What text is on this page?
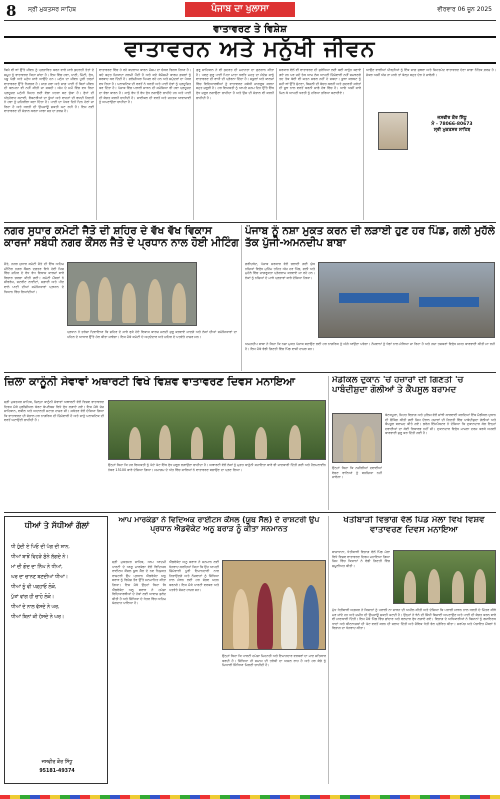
8 ਸ੍ਰੀ ਮੁਕਤਸਰ ਸਾਹਿਬ	ਪੰਜਾਬ ਦਾ ਖੁਲਾਸਾ	ਵੀਰਵਾਰ 06 ਜੂਨ 2025
ਵਾਤਾਵਰਣ ਤੇ ਵਿਸ਼ੇਸ਼
ਵਾਤਾਵਰਨ ਅਤੇ ਮਨੁੱਖੀ ਜੀਵਨ
ਕਿਸੇ ਵੀ ਥਾਂ ਉੱਤੇ ਜੀਵਨ ਨੂੰ ਪ੍ਰਭਾਵਿਤ ਕਰਨ ਵਾਲੇ ਸਾਰੇ ਕੁਦਰਤੀ ਤੱਤਾਂ ਦੇ ਸਮੂਹ ਨੂੰ ਵਾਤਾਵਰਣ ਕਿਹਾ ਜਾਂਦਾ ਹੈ। ਇਸ ਵਿੱਚ ਹਵਾ, ਪਾਣੀ, ਮਿੱਟੀ, ਰੁੱਖ, ਪਸ਼ੂ ਪੰਛੀ ਅਤੇ ਮਨੁੱਖ ਸਾਰੇ ਆਉਂਦੇ ਹਨ। ਮਨੁੱਖ ਦਾ ਜੀਵਨ ਪੂਰੀ ਤਰ੍ਹਾਂ ਵਾਤਾਵਰਣ ਉੱਤੇ ਨਿਰਭਰ ਹੈ। ਸਾਫ਼ ਹਵਾ ਅਤੇ ਸਾਫ਼ ਪਾਣੀ ਤੋਂ ਬਿਨਾਂ ਜੀਵਨ ਦੀ ਕਲਪਨਾ ਵੀ ਨਹੀਂ ਕੀਤੀ ਜਾ ਸਕਦੀ। ਅੱਜ ਦੇ ਸਮੇਂ ਵਿੱਚ ਵਧ ਰਿਹਾ ਪ੍ਰਦੂਸ਼ਣ ਮਨੁੱਖੀ ਸਿਹਤ ਲਈ ਵੱਡਾ ਖ਼ਤਰਾ ਬਣ ਚੁੱਕਾ ਹੈ। ਰੁੱਖਾਂ ਦੀ ਅੰਨ੍ਹੇਵਾਹ ਕਟਾਈ, ਫੈਕਟਰੀਆਂ ਦਾ ਧੂੰਆਂ ਅਤੇ ਵਾਹਨਾਂ ਦੀ ਵਧਦੀ ਗਿਣਤੀ ਨੇ ਹਵਾ ਨੂੰ ਜ਼ਹਿਰੀਲਾ ਬਣਾ ਦਿੱਤਾ ਹੈ। ਪਾਣੀ ਦਾ ਪੱਧਰ ਦਿਨੋਂ ਦਿਨ ਹੇਠਾਂ ਜਾ ਰਿਹਾ ਹੈ ਅਤੇ ਧਰਤੀ ਦੀ ਉਪਜਾਊ ਸ਼ਕਤੀ ਘਟ ਰਹੀ ਹੈ। ਇਸ ਲਈ ਵਾਤਾਵਰਣ ਦੀ ਸੰਭਾਲ ਕਰਨਾ ਸਾਡਾ ਸਭ ਦਾ ਫ਼ਰਜ਼ ਹੈ।
ਵਾਤਾਵਰਣ ਵਿੱਚ ਹੋ ਰਹੇ ਬਦਲਾਅ ਕਾਰਨ ਮੌਸਮ ਦਾ ਚੱਕਰ ਵਿਗੜ ਗਿਆ ਹੈ। ਕਦੇ ਬਹੁਤ ਜ਼ਿਆਦਾ ਗਰਮੀ ਪੈਂਦੀ ਹੈ ਅਤੇ ਕਦੇ ਬੇਮੌਸਮੀ ਬਾਰਸ਼ ਫ਼ਸਲਾਂ ਨੂੰ ਬਰਬਾਦ ਕਰ ਦਿੰਦੀ ਹੈ। ਗਲੇਸ਼ੀਅਰ ਪਿਘਲ ਰਹੇ ਹਨ ਅਤੇ ਸਮੁੰਦਰਾਂ ਦਾ ਪੱਧਰ ਵਧ ਰਿਹਾ ਹੈ। ਪਲਾਸਟਿਕ ਦੀ ਵਰਤੋਂ ਨੇ ਧਰਤੀ ਅਤੇ ਪਾਣੀ ਦੋਵਾਂ ਨੂੰ ਪ੍ਰਦੂਸ਼ਿਤ ਕਰ ਦਿੱਤਾ ਹੈ। ਪੰਜਾਬ ਵਿੱਚ ਪਰਾਲੀ ਸਾੜਨ ਦੀ ਸਮੱਸਿਆ ਵੀ ਹਵਾ ਪ੍ਰਦੂਸ਼ਣ ਦਾ ਵੱਡਾ ਕਾਰਨ ਹੈ। ਸਾਨੂੰ ਵੱਧ ਤੋਂ ਵੱਧ ਰੁੱਖ ਲਗਾਉਣੇ ਚਾਹੀਦੇ ਹਨ ਅਤੇ ਪਾਣੀ ਦੀ ਬੱਚਤ ਕਰਨੀ ਚਾਹੀਦੀ ਹੈ। ਸਾਈਕਲ ਦੀ ਵਰਤੋਂ ਅਤੇ ਜਨਤਕ ਆਵਾਜਾਈ ਨੂੰ ਅਪਣਾਉਣਾ ਚਾਹੀਦਾ ਹੈ।
ਗੁਰੂ ਸਾਹਿਬਾਨ ਨੇ ਵੀ ਕੁਦਰਤ ਦੀ ਮਹਾਨਤਾ ਦਾ ਗੁਣਗਾਨ ਕੀਤਾ ਹੈ। ਪਵਣੁ ਗੁਰੂ ਪਾਣੀ ਪਿਤਾ ਮਾਤਾ ਧਰਤਿ ਮਹਤੁ ਦਾ ਸੰਦੇਸ਼ ਸਾਨੂੰ ਵਾਤਾਵਰਣ ਦੀ ਰਾਖੀ ਦੀ ਪ੍ਰੇਰਨਾ ਦਿੰਦਾ ਹੈ। ਸਕੂਲਾਂ ਅਤੇ ਕਾਲਜਾਂ ਵਿੱਚ ਵਿਦਿਆਰਥੀਆਂ ਨੂੰ ਵਾਤਾਵਰਣ ਸਬੰਧੀ ਜਾਗਰੂਕ ਕਰਨਾ ਬਹੁਤ ਜ਼ਰੂਰੀ ਹੈ। ਹਰ ਵਿਅਕਤੀ ਨੂੰ ਆਪਣੇ ਜਨਮ ਦਿਨ ਉੱਤੇ ਇੱਕ ਰੁੱਖ ਜ਼ਰੂਰ ਲਗਾਉਣਾ ਚਾਹੀਦਾ ਹੈ ਅਤੇ ਉਸ ਦੀ ਸੰਭਾਲ ਵੀ ਕਰਨੀ ਚਾਹੀਦੀ ਹੈ।
ਸਰਕਾਰ ਵੱਲੋਂ ਵੀ ਵਾਤਾਵਰਣ ਦੀ ਸੁਰੱਖਿਆ ਲਈ ਕਈ ਕਾਨੂੰਨ ਬਣਾਏ ਗਏ ਹਨ ਪਰ ਜਦੋਂ ਤੱਕ ਆਮ ਲੋਕ ਆਪਣੀ ਜ਼ਿੰਮੇਵਾਰੀ ਨਹੀਂ ਸਮਝਣਗੇ ਤਦ ਤੱਕ ਕੋਈ ਵੀ ਯਤਨ ਸਫਲ ਨਹੀਂ ਹੋ ਸਕਦਾ। ਕੂੜਾ ਕਰਕਟ ਨੂੰ ਸਹੀ ਥਾਂ ਉੱਤੇ ਸੁੱਟਣਾ, ਬਿਜਲੀ ਦੀ ਬੱਚਤ ਕਰਨੀ ਅਤੇ ਕੁਦਰਤੀ ਸਰੋਤਾਂ ਦੀ ਸੂਝ ਨਾਲ ਵਰਤੋਂ ਕਰਨੀ ਸਾਡੇ ਹੱਥ ਵਿੱਚ ਹੈ। ਆਓ ਅਸੀਂ ਸਾਰੇ ਮਿਲ ਕੇ ਆਪਣੀ ਧਰਤੀ ਨੂੰ ਹਰਿਆ ਭਰਿਆ ਬਣਾਈਏ।
ਆਉਣ ਵਾਲੀਆਂ ਪੀੜ੍ਹੀਆਂ ਨੂੰ ਇੱਕ ਸਾਫ਼ ਸੁਥਰਾ ਅਤੇ ਸਿਹਤਮੰਦ ਵਾਤਾਵਰਣ ਦੇਣਾ ਸਾਡਾ ਨੈਤਿਕ ਫ਼ਰਜ਼ ਹੈ। ਜੇਕਰ ਅਸੀਂ ਅੱਜ ਨਾ ਜਾਗੇ ਤਾਂ ਕੱਲ੍ਹ ਬਹੁਤ ਦੇਰ ਹੋ ਜਾਵੇਗੀ।
ਜਸਵੀਰ ਕੌਰ ਸਿੱਧੂ
ਮੋ - 78066-80673
ਸ੍ਰੀ ਮੁਕਤਸਰ ਸਾਹਿਬ
ਨਗਰ ਸੁਧਾਰ ਕਮੇਟੀ ਜੈਤੋ ਦੀ ਸ਼ਹਿਰ ਦੇ ਵੱਖ ਵੱਖ ਵਿਕਾਸ ਕਾਰਜਾਂ ਸਬੰਧੀ ਨਗਰ ਕੌਂਸਲ ਜੈਤੋ ਦੇ ਪ੍ਰਧਾਨ ਨਾਲ ਹੋਈ ਮੀਟਿੰਗ
ਜੈਤੋ, ਨਗਰ ਸੁਧਾਰ ਕਮੇਟੀ ਜੈਤੋ ਦੀ ਇੱਕ ਅਹਿਮ ਮੀਟਿੰਗ ਨਗਰ ਕੌਂਸਲ ਦਫ਼ਤਰ ਵਿਖੇ ਹੋਈ ਜਿਸ ਵਿੱਚ ਸ਼ਹਿਰ ਦੇ ਵੱਖ ਵੱਖ ਵਿਕਾਸ ਕਾਰਜਾਂ ਬਾਰੇ ਵਿਚਾਰ ਚਰਚਾ ਕੀਤੀ ਗਈ। ਕਮੇਟੀ ਮੈਂਬਰਾਂ ਨੇ ਸੀਵਰੇਜ, ਸਟਰੀਟ ਲਾਈਟਾਂ, ਸਫ਼ਾਈ ਅਤੇ ਪੀਣ ਵਾਲੇ ਪਾਣੀ ਦੀਆਂ ਸਮੱਸਿਆਵਾਂ ਪ੍ਰਧਾਨ ਦੇ ਧਿਆਨ ਵਿੱਚ ਲਿਆਂਦੀਆਂ।
ਪ੍ਰਧਾਨ ਨੇ ਭਰੋਸਾ ਦਿਵਾਇਆ ਕਿ ਸ਼ਹਿਰ ਦੇ ਸਾਰੇ ਰੁਕੇ ਹੋਏ ਵਿਕਾਸ ਕਾਰਜ ਜਲਦੀ ਸ਼ੁਰੂ ਕਰਵਾਏ ਜਾਣਗੇ ਅਤੇ ਲੋਕਾਂ ਦੀਆਂ ਸਮੱਸਿਆਵਾਂ ਦਾ ਪਹਿਲ ਦੇ ਆਧਾਰ ਉੱਤੇ ਹੱਲ ਕੀਤਾ ਜਾਵੇਗਾ। ਇਸ ਮੌਕੇ ਕਮੇਟੀ ਦੇ ਅਹੁਦੇਦਾਰ ਅਤੇ ਸ਼ਹਿਰ ਦੇ ਪਤਵੰਤੇ ਹਾਜ਼ਰ ਸਨ।
ਪੰਜਾਬ ਨੂੰ ਨਸ਼ਾ ਮੁਕਤ ਕਰਨ ਦੀ ਲੜਾਈ ਹੁਣ ਹਰ ਪਿੰਡ, ਗਲੀ ਮੁਹੱਲੇ ਤੱਕ ਪੁੱਜੀ-ਅਮਨਦੀਪ ਬਾਬਾ
ਫ਼ਰੀਦਕੋਟ, ਪੰਜਾਬ ਸਰਕਾਰ ਵੱਲੋਂ ਚਲਾਈ ਗਈ ਯੁੱਧ ਨਸ਼ਿਆਂ ਵਿਰੁੱਧ ਮੁਹਿੰਮ ਤਹਿਤ ਅੱਜ ਹਰ ਪਿੰਡ, ਗਲੀ ਅਤੇ ਮੁਹੱਲੇ ਵਿੱਚ ਜਾਗਰੂਕਤਾ ਪ੍ਰੋਗਰਾਮ ਕਰਵਾਏ ਜਾ ਰਹੇ ਹਨ। ਲੋਕਾਂ ਨੂੰ ਨਸ਼ਿਆਂ ਦੇ ਮਾੜੇ ਪ੍ਰਭਾਵਾਂ ਬਾਰੇ ਦੱਸਿਆ ਗਿਆ।
ਅਮਨਦੀਪ ਬਾਬਾ ਨੇ ਕਿਹਾ ਕਿ ਨਸ਼ਾ ਮੁਕਤ ਪੰਜਾਬ ਬਣਾਉਣ ਲਈ ਹਰ ਨਾਗਰਿਕ ਨੂੰ ਅੱਗੇ ਆਉਣਾ ਪਵੇਗਾ। ਨੌਜਵਾਨਾਂ ਨੂੰ ਖੇਡਾਂ ਨਾਲ ਜੋੜਿਆ ਜਾ ਰਿਹਾ ਹੈ ਅਤੇ ਨਸ਼ਾ ਤਸਕਰਾਂ ਵਿਰੁੱਧ ਸਖ਼ਤ ਕਾਰਵਾਈ ਕੀਤੀ ਜਾ ਰਹੀ ਹੈ। ਇਸ ਮੌਕੇ ਵੱਡੀ ਗਿਣਤੀ ਵਿੱਚ ਪਿੰਡ ਵਾਸੀ ਹਾਜ਼ਰ ਸਨ।
ਜ਼ਿਲਾ ਕਾਨੂੰਨੀ ਸੇਵਾਵਾਂ ਅਥਾਰਟੀ ਵਿਖੇ ਵਿਸ਼ਵ ਵਾਤਾਵਰਣ ਦਿਵਸ ਮਨਾਇਆ
ਸ੍ਰੀ ਮੁਕਤਸਰ ਸਾਹਿਬ, ਜ਼ਿਲ੍ਹਾ ਕਾਨੂੰਨੀ ਸੇਵਾਵਾਂ ਅਥਾਰਟੀ ਵੱਲੋਂ ਵਿਸ਼ਵ ਵਾਤਾਵਰਣ ਦਿਵਸ ਮੌਕੇ ਜੁਡੀਸ਼ੀਅਲ ਕੋਰਟ ਕੰਪਲੈਕਸ ਵਿਖੇ ਰੁੱਖ ਲਗਾਏ ਗਏ। ਇਸ ਮੌਕੇ ਜੱਜ ਸਾਹਿਬਾਨ, ਵਕੀਲ ਅਤੇ ਅਦਾਲਤੀ ਸਟਾਫ਼ ਹਾਜ਼ਰ ਸੀ। ਸਕੱਤਰ ਵੱਲੋਂ ਦੱਸਿਆ ਗਿਆ ਕਿ ਵਾਤਾਵਰਣ ਦੀ ਸੰਭਾਲ ਹਰ ਨਾਗਰਿਕ ਦੀ ਜ਼ਿੰਮੇਵਾਰੀ ਹੈ ਅਤੇ ਸਾਨੂੰ ਪਲਾਸਟਿਕ ਦੀ ਵਰਤੋਂ ਘਟਾਉਣੀ ਚਾਹੀਦੀ ਹੈ।
ਉਨ੍ਹਾਂ ਕਿਹਾ ਕਿ ਹਰ ਵਿਅਕਤੀ ਨੂੰ ਘੱਟੋ ਘੱਟ ਇੱਕ ਰੁੱਖ ਜ਼ਰੂਰ ਲਗਾਉਣਾ ਚਾਹੀਦਾ ਹੈ। ਅਥਾਰਟੀ ਵੱਲੋਂ ਲੋਕਾਂ ਨੂੰ ਮੁਫ਼ਤ ਕਾਨੂੰਨੀ ਸਹਾਇਤਾ ਬਾਰੇ ਵੀ ਜਾਣਕਾਰੀ ਦਿੱਤੀ ਗਈ ਅਤੇ ਹੈਲਪਲਾਈਨ ਨੰਬਰ 15100 ਬਾਰੇ ਦੱਸਿਆ ਗਿਆ। ਸਮਾਗਮ ਦੇ ਅੰਤ ਵਿੱਚ ਸਾਰਿਆਂ ਨੇ ਵਾਤਾਵਰਣ ਬਚਾਉਣ ਦਾ ਪ੍ਰਣ ਲਿਆ।
ਮੈਡੀਕਲ ਦੁਕਾਨ 'ਚੋਂ ਹਜ਼ਾਰਾਂ ਦੀ ਗਿਣਤੀ 'ਚ ਪਾਬੰਦੀਸ਼ੁਦਾ ਗੋਲੀਆਂ ਤੇ ਕੈਪਸੂਲ ਬਰਾਮਦ
ਕੋਟਕਪੂਰਾ, ਸਿਹਤ ਵਿਭਾਗ ਅਤੇ ਪੁਲਿਸ ਵੱਲੋਂ ਸਾਂਝੀ ਕਾਰਵਾਈ ਕਰਦਿਆਂ ਇੱਕ ਮੈਡੀਕਲ ਦੁਕਾਨ ਦੀ ਚੈਕਿੰਗ ਕੀਤੀ ਗਈ ਜਿਸ ਦੌਰਾਨ ਹਜ਼ਾਰਾਂ ਦੀ ਗਿਣਤੀ ਵਿੱਚ ਪਾਬੰਦੀਸ਼ੁਦਾ ਗੋਲੀਆਂ ਅਤੇ ਕੈਪਸੂਲ ਬਰਾਮਦ ਕੀਤੇ ਗਏ। ਡਰੱਗ ਇੰਸਪੈਕਟਰ ਨੇ ਦੱਸਿਆ ਕਿ ਦੁਕਾਨਦਾਰ ਕੋਲ ਇਨ੍ਹਾਂ ਦਵਾਈਆਂ ਦਾ ਕੋਈ ਰਿਕਾਰਡ ਨਹੀਂ ਸੀ। ਦੁਕਾਨਦਾਰ ਵਿਰੁੱਧ ਮਾਮਲਾ ਦਰਜ ਕਰਕੇ ਅਗਲੀ ਕਾਰਵਾਈ ਸ਼ੁਰੂ ਕਰ ਦਿੱਤੀ ਗਈ ਹੈ।
ਉਨ੍ਹਾਂ ਕਿਹਾ ਕਿ ਨਸ਼ੀਲੀਆਂ ਦਵਾਈਆਂ ਵੇਚਣ ਵਾਲਿਆਂ ਨੂੰ ਬਖ਼ਸ਼ਿਆ ਨਹੀਂ ਜਾਵੇਗਾ।
ਧੀਆਂ ਤੇ ਸੱਧੀਆਂ ਗੱਲਾਂ
ਧੀ ਹੁੰਦੀ ਏ ਪਿਓ ਦੀ ਪੱਗ ਦੀ ਸ਼ਾਨ,
ਧੀਆਂ ਬਾਝੋਂ ਵਿਹੜੇ ਸੁੰਨੇ ਲੱਗਦੇ ਨੇ।
ਮਾਂ ਦੀ ਗੋਦ ਦਾ ਨਿੱਘ ਨੇ ਧੀਆਂ,
ਘਰ ਦਾ ਚਾਨਣ ਬਣਦੀਆਂ ਧੀਆਂ।
ਧੀਆਂ ਨੂੰ ਵੀ ਪੜ੍ਹਾਓ ਲੋਕੋ,
ਪੁੱਤਾਂ ਵਾਂਗ ਹੀ ਚਾਹੋ ਲੋਕੋ।
ਧੀਆਂ ਦੇ ਨਾਲ ਵੱਸਦੇ ਨੇ ਘਰ,
ਧੀਆਂ ਬਿਨਾਂ ਕੀ ਹੱਸਦੇ ਨੇ ਘਰ।
ਜਸਵੀਰ ਕੌਰ ਸਿੱਧੂ
95181-49374
ਆਪ ਮਾਰਕੰਡਾ ਨੇ ਵਿਦਿਅਕ ਰਾਈਟਸ ਕੌਂਸਲ (ਯੂਥ ਸੈੱਲ) ਦੇ ਰਾਸ਼ਟਰੀ ਉਪ ਪ੍ਰਧਾਨ ਐਡਵੋਕੇਟ ਅਨੂ ਬਰਾੜ ਨੂੰ ਕੀਤਾ ਸਨਮਾਨਤ
ਸ੍ਰੀ ਮੁਕਤਸਰ ਸਾਹਿਬ, ਆਮ ਆਦਮੀ ਪਾਰਟੀ ਦੇ ਆਗੂ ਮਾਰਕੰਡਾ ਵੱਲੋਂ ਵਿਦਿਅਕ ਰਾਈਟਸ ਕੌਂਸਲ ਯੂਥ ਸੈੱਲ ਦੇ ਨਵ ਨਿਯੁਕਤ ਰਾਸ਼ਟਰੀ ਉਪ ਪ੍ਰਧਾਨ ਐਡਵੋਕੇਟ ਅਨੂ ਬਰਾੜ ਨੂੰ ਵਿਸ਼ੇਸ਼ ਤੌਰ ਉੱਤੇ ਸਨਮਾਨਿਤ ਕੀਤਾ ਗਿਆ। ਇਸ ਮੌਕੇ ਉਨ੍ਹਾਂ ਕਿਹਾ ਕਿ ਐਡਵੋਕੇਟ ਅਨੂ ਬਰਾੜ ਨੇ ਹਮੇਸ਼ਾ ਵਿਦਿਆਰਥੀਆਂ ਦੇ ਹੱਕਾਂ ਲਈ ਆਵਾਜ਼ ਬੁਲੰਦ ਕੀਤੀ ਹੈ ਅਤੇ ਸਿੱਖਿਆ ਦੇ ਖੇਤਰ ਵਿੱਚ ਅਹਿਮ ਯੋਗਦਾਨ ਪਾਇਆ ਹੈ।
ਐਡਵੋਕੇਟ ਅਨੂ ਬਰਾੜ ਨੇ ਸਨਮਾਨ ਲਈ ਧੰਨਵਾਦ ਕਰਦਿਆਂ ਕਿਹਾ ਕਿ ਉਹ ਆਪਣੀ ਜ਼ਿੰਮੇਵਾਰੀ ਪੂਰੀ ਇਮਾਨਦਾਰੀ ਨਾਲ ਨਿਭਾਉਣਗੇ ਅਤੇ ਨੌਜਵਾਨਾਂ ਨੂੰ ਸਿੱਖਿਆ ਨਾਲ ਜੋੜਨ ਲਈ ਹਰ ਸੰਭਵ ਯਤਨ ਕਰਨਗੇ। ਇਸ ਮੌਕੇ ਪਾਰਟੀ ਵਰਕਰ ਅਤੇ ਪਤਵੰਤੇ ਸੱਜਣ ਹਾਜ਼ਰ ਸਨ।
ਉਨ੍ਹਾਂ ਕਿਹਾ ਕਿ ਪਾਰਟੀ ਹਮੇਸ਼ਾ ਮਿਹਨਤੀ ਅਤੇ ਇਮਾਨਦਾਰ ਵਰਕਰਾਂ ਦਾ ਮਾਣ ਸਤਿਕਾਰ ਕਰਦੀ ਹੈ। ਸਿੱਖਿਆ ਹੀ ਸਮਾਜ ਦੀ ਤਰੱਕੀ ਦਾ ਅਸਲ ਰਾਹ ਹੈ ਅਤੇ ਹਰ ਬੱਚੇ ਨੂੰ ਮਿਆਰੀ ਸਿੱਖਿਆ ਮਿਲਣੀ ਚਾਹੀਦੀ ਹੈ।
ਖੇਤੀਬਾੜੀ ਵਿਭਾਗ ਵੱਲੋਂ ਪਿੰਡ ਮੱਲਾ ਵਿਖੇ ਵਿਸ਼ਵ ਵਾਤਾਵਰਣ ਦਿਵਸ ਮਨਾਇਆ
ਬਾਜਾਖਾਨਾ, ਖੇਤੀਬਾੜੀ ਵਿਭਾਗ ਵੱਲੋਂ ਪਿੰਡ ਮੱਲਾ ਵਿਖੇ ਵਿਸ਼ਵ ਵਾਤਾਵਰਣ ਦਿਵਸ ਮਨਾਇਆ ਗਿਆ ਜਿਸ ਵਿੱਚ ਕਿਸਾਨਾਂ ਨੇ ਵੱਡੀ ਗਿਣਤੀ ਵਿੱਚ ਸ਼ਮੂਲੀਅਤ ਕੀਤੀ।
ਮੁੱਖ ਖੇਤੀਬਾੜੀ ਅਫ਼ਸਰ ਨੇ ਕਿਸਾਨਾਂ ਨੂੰ ਪਰਾਲੀ ਨਾ ਸਾੜਨ ਦੀ ਅਪੀਲ ਕੀਤੀ ਅਤੇ ਦੱਸਿਆ ਕਿ ਪਰਾਲੀ ਸਾੜਨ ਨਾਲ ਧਰਤੀ ਦੇ ਮਿੱਤਰ ਕੀੜੇ ਮਰ ਜਾਂਦੇ ਹਨ ਅਤੇ ਜ਼ਮੀਨ ਦੀ ਉਪਜਾਊ ਸ਼ਕਤੀ ਘਟਦੀ ਹੈ। ਉਨ੍ਹਾਂ ਨੇ ਝੋਨੇ ਦੀ ਸਿੱਧੀ ਬਿਜਾਈ ਅਪਣਾਉਣ ਅਤੇ ਪਾਣੀ ਦੀ ਬੱਚਤ ਕਰਨ ਬਾਰੇ ਵੀ ਜਾਣਕਾਰੀ ਦਿੱਤੀ। ਇਸ ਮੌਕੇ ਪਿੰਡ ਵਿੱਚ ਛਾਂਦਾਰ ਅਤੇ ਫਲਦਾਰ ਰੁੱਖ ਲਗਾਏ ਗਏ। ਵਿਭਾਗ ਦੇ ਅਧਿਕਾਰੀਆਂ ਨੇ ਕਿਸਾਨਾਂ ਨੂੰ ਰਸਾਇਣਕ ਖਾਦਾਂ ਅਤੇ ਕੀਟਨਾਸ਼ਕਾਂ ਦੀ ਘੱਟ ਵਰਤੋਂ ਕਰਨ ਦੀ ਸਲਾਹ ਦਿੱਤੀ ਅਤੇ ਜੈਵਿਕ ਖੇਤੀ ਵੱਲ ਪ੍ਰੇਰਿਤ ਕੀਤਾ। ਸਰਪੰਚ ਅਤੇ ਪੰਚਾਇਤ ਮੈਂਬਰਾਂ ਨੇ ਵਿਭਾਗ ਦਾ ਧੰਨਵਾਦ ਕੀਤਾ।
